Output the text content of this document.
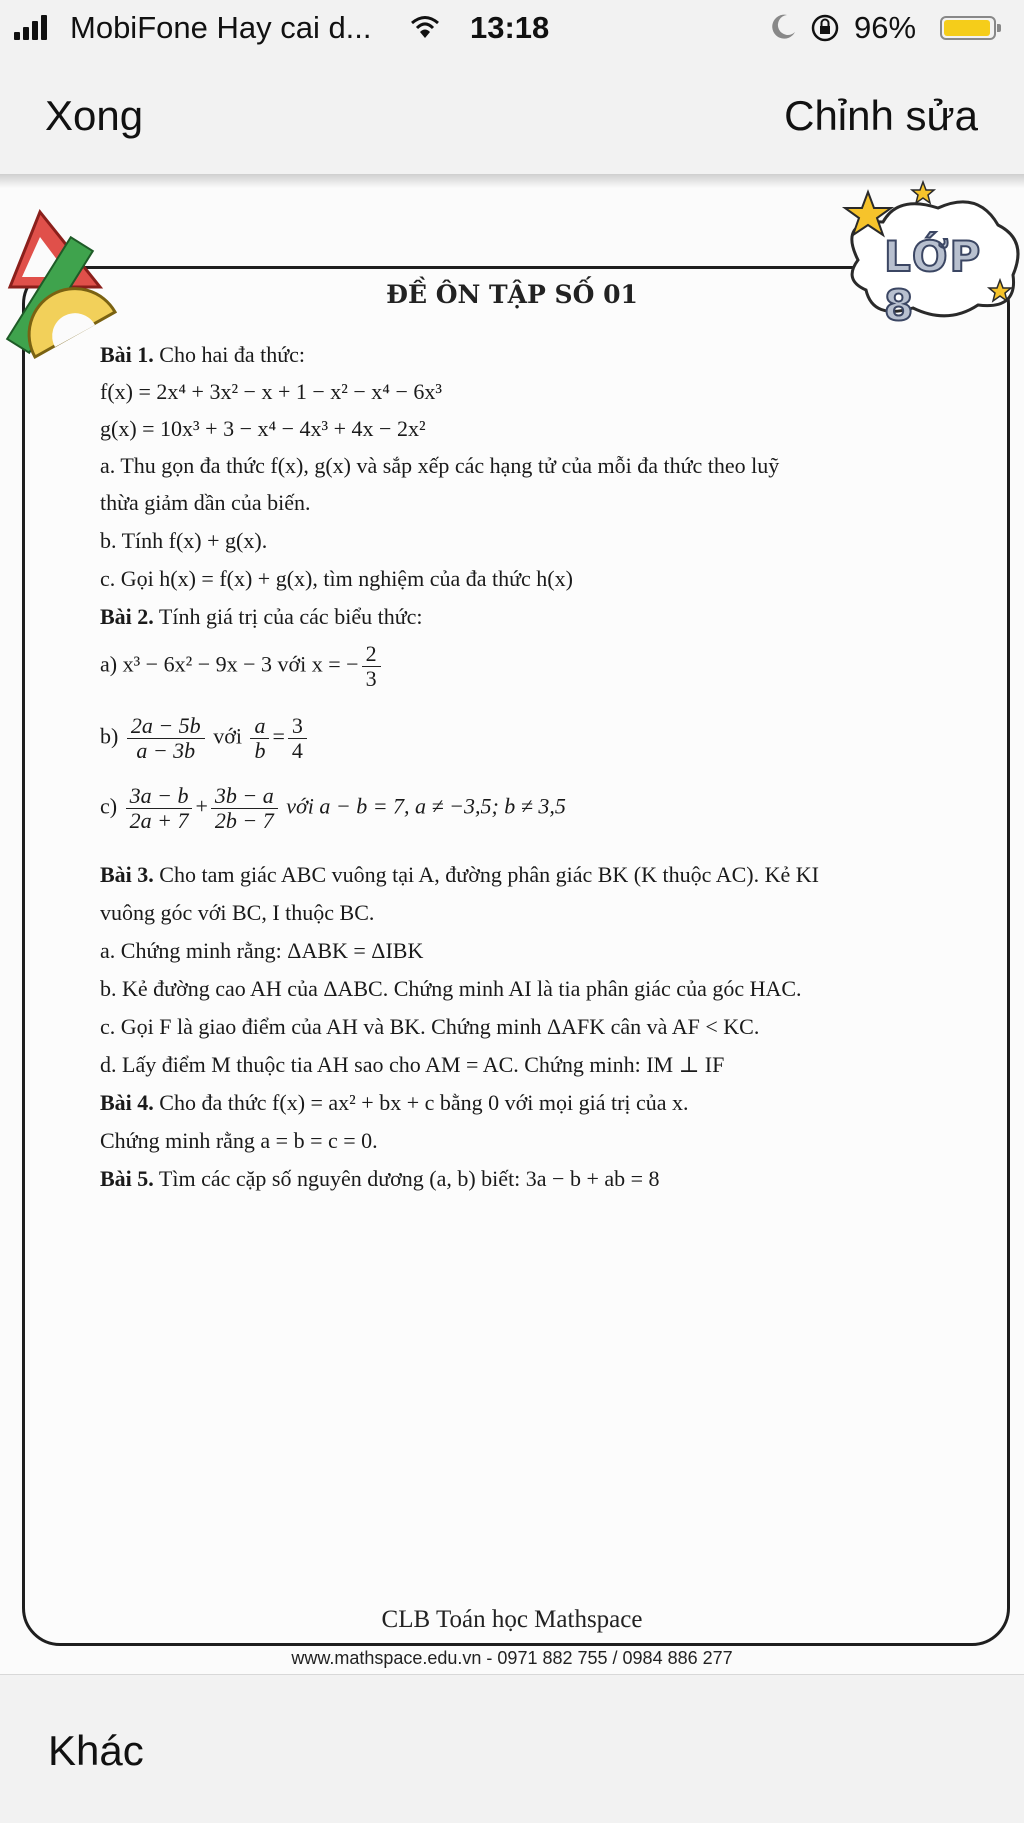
MobiFone Hay cai d...	13:18	96%
Xong	Chỉnh sửa
LỚP 8
ĐỀ ÔN TẬP SỐ 01
Bài 1. Cho hai đa thức:
f(x) = 2x⁴ + 3x² − x + 1 − x² − x⁴ − 6x³
g(x) = 10x³ + 3 − x⁴ − 4x³ + 4x − 2x²
a. Thu gọn đa thức f(x), g(x) và sắp xếp các hạng tử của mỗi đa thức theo luỹ
thừa giảm dần của biến.
b. Tính f(x) + g(x).
c. Gọi h(x) = f(x) + g(x), tìm nghiệm của đa thức h(x)
Bài 2. Tính giá trị của các biểu thức:
a) x³ − 6x² − 9x − 3 với x = − $\frac{2}{3}$
$b) \frac{2a - 5b}{a - 3b}$ với $\frac{a}{b} = \frac{3}{4}$
$c) \frac{3a - b}{2a + 7} + \frac{3b - a}{2b - 7}$ với a − b = 7, a ≠ −3,5; b ≠ 3,5
Bài 3. Cho tam giác ABC vuông tại A, đường phân giác BK (K thuộc AC). Kẻ KI
vuông góc với BC, I thuộc BC.
a. Chứng minh rằng: ΔABK = ΔIBK
b. Kẻ đường cao AH của ΔABC. Chứng minh AI là tia phân giác của góc HAC.
c. Gọi F là giao điểm của AH và BK. Chứng minh ΔAFK cân và AF < KC.
d. Lấy điểm M thuộc tia AH sao cho AM = AC. Chứng minh: IM ⊥ IF
Bài 4. Cho đa thức f(x) = ax² + bx + c bằng 0 với mọi giá trị của x.
Chứng minh rằng a = b = c = 0.
Bài 5. Tìm các cặp số nguyên dương (a, b) biết: 3a − b + ab = 8
CLB Toán học Mathspace
www.mathspace.edu.vn - 0971 882 755 / 0984 886 277
Khác
